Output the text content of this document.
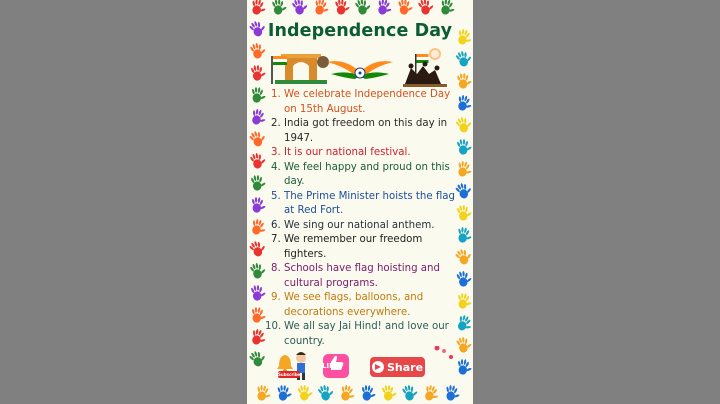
Independence Day
1. We celebrate Independence Day on 15th August.
2. India got freedom on this day in 1947.
3. It is our national festival.
4. We feel happy and proud on this day.
5. The Prime Minister hoists the flag at Red Fort.
6. We sing our national anthem.
7. We remember our freedom fighters.
8. Schools have flag hoisting and cultural programs.
9. We see flags, balloons, and decorations everywhere.
10. We all say Jai Hind! and love our country.
Subscribe
LIKE	Share
